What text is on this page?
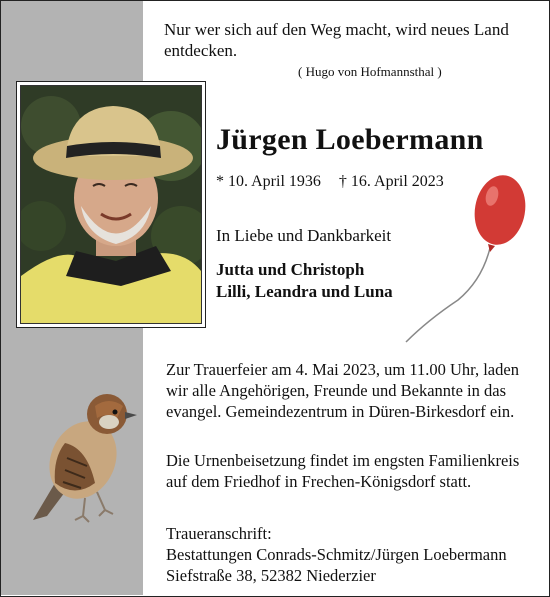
Nur wer sich auf den Weg macht, wird neues Land entdecken.
( Hugo von Hofmannsthal )
Jürgen Loebermann
* 10. April 1936 † 16. April 2023
In Liebe und Dankbarkeit
Jutta und Christoph
Lilli, Leandra und Luna
Zur Trauerfeier am 4. Mai 2023, um 11.00 Uhr, laden wir alle Angehörigen, Freunde und Bekannte in das evangel. Gemeindezentrum in Düren-Birkesdorf ein.
Die Urnenbeisetzung findet im engsten Familienkreis auf dem Friedhof in Frechen-Königsdorf statt.
Traueranschrift:
Bestattungen Conrads-Schmitz/Jürgen Loebermann
Siefstraße 38, 52382 Niederzier
